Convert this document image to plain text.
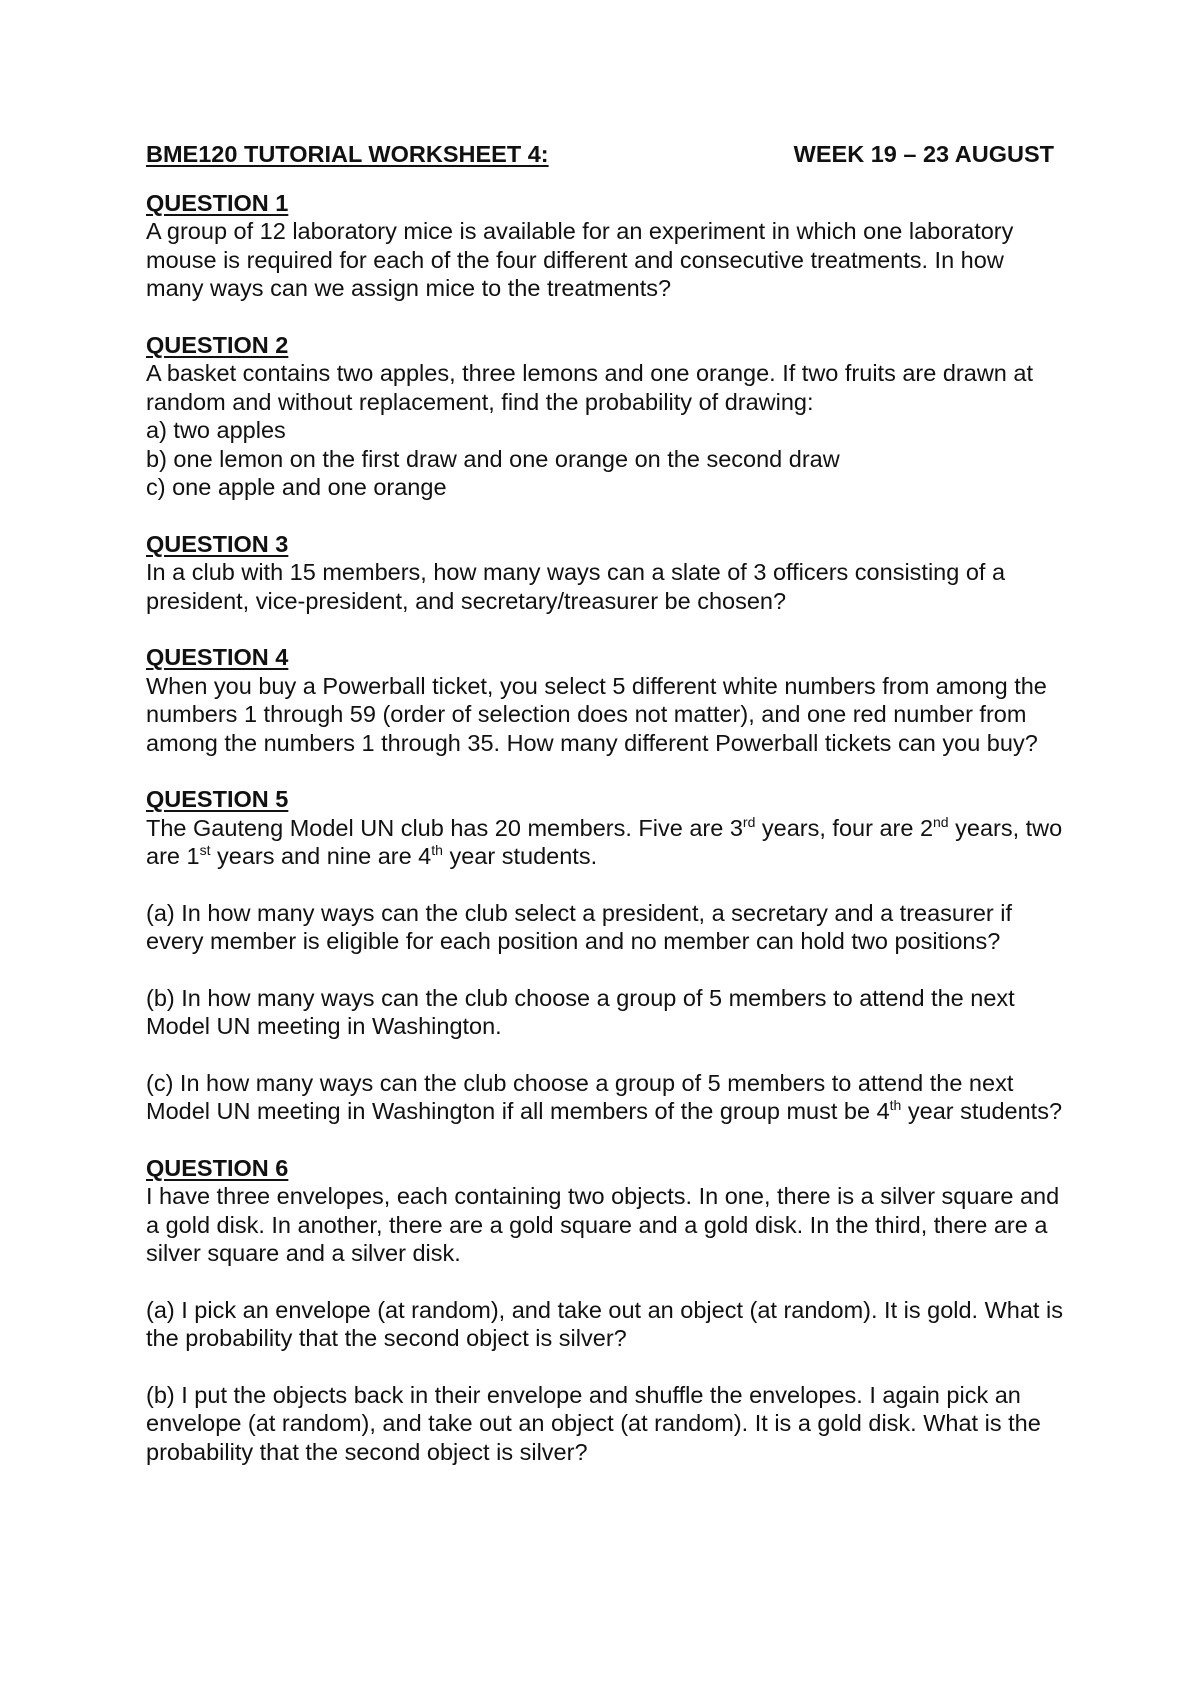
BME120 TUTORIAL WORKSHEET 4:	WEEK 19 – 23 AUGUST

QUESTION 1

A group of 12 laboratory mice is available for an experiment in which one laboratory mouse is required for each of the four different and consecutive treatments. In how many ways can we assign mice to the treatments?

QUESTION 2

A basket contains two apples, three lemons and one orange. If two fruits are drawn at random and without replacement, find the probability of drawing:

a) two apples

b) one lemon on the first draw and one orange on the second draw

c) one apple and one orange

QUESTION 3

In a club with 15 members, how many ways can a slate of 3 officers consisting of a president, vice-president, and secretary/treasurer be chosen?

QUESTION 4

When you buy a Powerball ticket, you select 5 different white numbers from among the numbers 1 through 59 (order of selection does not matter), and one red number from among the numbers 1 through 35. How many different Powerball tickets can you buy?

QUESTION 5

The Gauteng Model UN club has 20 members. Five are 3rd years, four are 2nd years, two are 1st years and nine are 4th year students.

(a) In how many ways can the club select a president, a secretary and a treasurer if every member is eligible for each position and no member can hold two positions?

(b) In how many ways can the club choose a group of 5 members to attend the next Model UN meeting in Washington.

(c) In how many ways can the club choose a group of 5 members to attend the next Model UN meeting in Washington if all members of the group must be 4th year students?

QUESTION 6

I have three envelopes, each containing two objects. In one, there is a silver square and a gold disk. In another, there are a gold square and a gold disk. In the third, there are a silver square and a silver disk.

(a) I pick an envelope (at random), and take out an object (at random). It is gold. What is the probability that the second object is silver?

(b) I put the objects back in their envelope and shuffle the envelopes. I again pick an envelope (at random), and take out an object (at random). It is a gold disk. What is the probability that the second object is silver?
